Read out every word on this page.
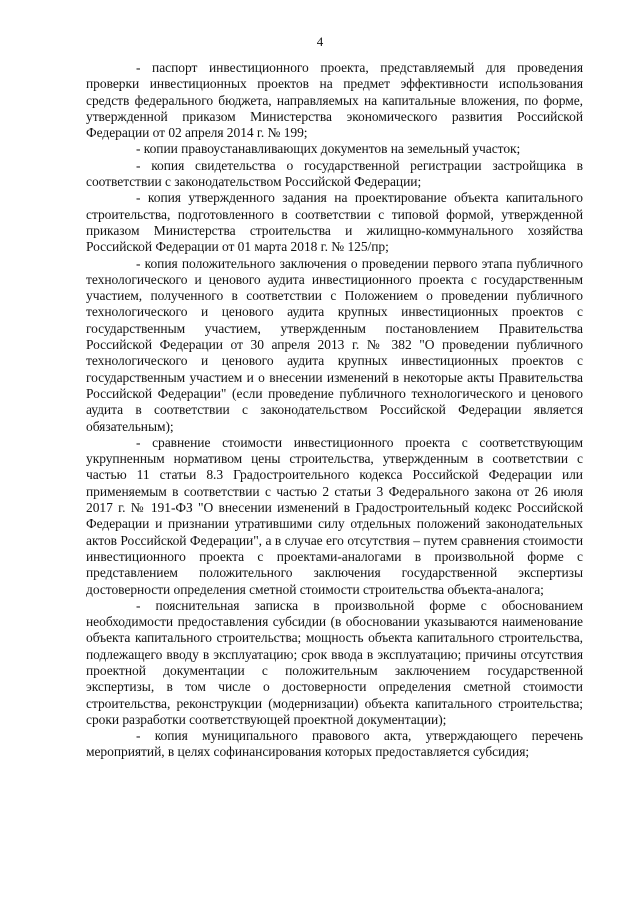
4

- паспорт инвестиционного проекта, представляемый для проведения проверки инвестиционных проектов на предмет эффективности использования средств федерального бюджета, направляемых на капитальные вложения, по форме, утвержденной приказом Министерства экономического развития Российской Федерации от 02 апреля 2014 г. № 199;

- копии правоустанавливающих документов на земельный участок;

- копия свидетельства о государственной регистрации застройщика в соответствии с законодательством Российской Федерации;

- копия утвержденного задания на проектирование объекта капитального строительства, подготовленного в соответствии с типовой формой, утвержденной приказом Министерства строительства и жилищно-коммунального хозяйства Российской Федерации от 01 марта 2018 г. № 125/пр;

- копия положительного заключения о проведении первого этапа публичного технологического и ценового аудита инвестиционного проекта с государственным участием, полученного в соответствии с Положением о проведении публичного технологического и ценового аудита крупных инвестиционных проектов с государственным участием, утвержденным постановлением Правительства Российской Федерации от 30 апреля 2013 г. № 382 "О проведении публичного технологического и ценового аудита крупных инвестиционных проектов с государственным участием и о внесении изменений в некоторые акты Правительства Российской Федерации" (если проведение публичного технологического и ценового аудита в соответствии с законодательством Российской Федерации является обязательным);

- сравнение стоимости инвестиционного проекта с соответствующим укрупненным нормативом цены строительства, утвержденным в соответствии с частью 11 статьи 8.3 Градостроительного кодекса Российской Федерации или применяемым в соответствии с частью 2 статьи 3 Федерального закона от 26 июля 2017 г. № 191-ФЗ "О внесении изменений в Градостроительный кодекс Российской Федерации и признании утратившими силу отдельных положений законодательных актов Российской Федерации", а в случае его отсутствия – путем сравнения стоимости инвестиционного проекта с проектами-аналогами в произвольной форме с представлением положительного заключения государственной экспертизы достоверности определения сметной стоимости строительства объекта-аналога;

- пояснительная записка в произвольной форме с обоснованием необходимости предоставления субсидии (в обосновании указываются наименование объекта капитального строительства; мощность объекта капитального строительства, подлежащего вводу в эксплуатацию; срок ввода в эксплуатацию; причины отсутствия проектной документации с положительным заключением государственной экспертизы, в том числе о достоверности определения сметной стоимости строительства, реконструкции (модернизации) объекта капитального строительства; сроки разработки соответствующей проектной документации);

- копия муниципального правового акта, утверждающего перечень мероприятий, в целях софинансирования которых предоставляется субсидия;
